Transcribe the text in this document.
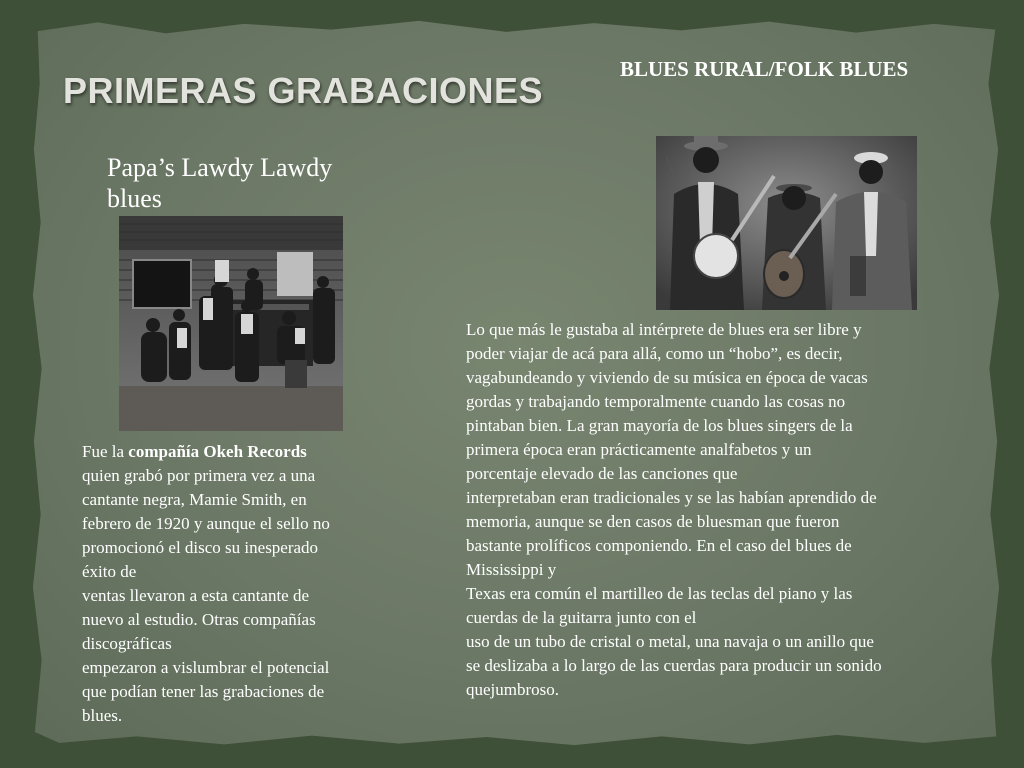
PRIMERAS GRABACIONES
BLUES RURAL/FOLK BLUES
Papa’s Lawdy Lawdy blues
Fue la compañía Okeh Records
quien grabó por primera vez a una
cantante negra, Mamie Smith, en
febrero de 1920 y aunque el sello no
promocionó el disco su inesperado
éxito de
ventas llevaron a esta cantante de
nuevo al estudio. Otras compañías
discográficas
empezaron a vislumbrar el potencial
que podían tener las grabaciones de
blues.
Lo que más le gustaba al intérprete de blues era ser libre y
poder viajar de acá para allá, como un “hobo”, es decir,
vagabundeando y viviendo de su música en época de vacas
gordas y trabajando temporalmente cuando las cosas no
pintaban bien. La gran mayoría de los blues singers de la
primera época eran prácticamente analfabetos y un
porcentaje elevado de las canciones que
interpretaban eran tradicionales y se las habían aprendido de
memoria, aunque se den casos de bluesman que fueron
bastante prolíficos componiendo. En el caso del blues de
Mississippi y
Texas era común el martilleo de las teclas del piano y las
cuerdas de la guitarra junto con el
uso de un tubo de cristal o metal, una navaja o un anillo que
se deslizaba a lo largo de las cuerdas para producir un sonido
quejumbroso.
